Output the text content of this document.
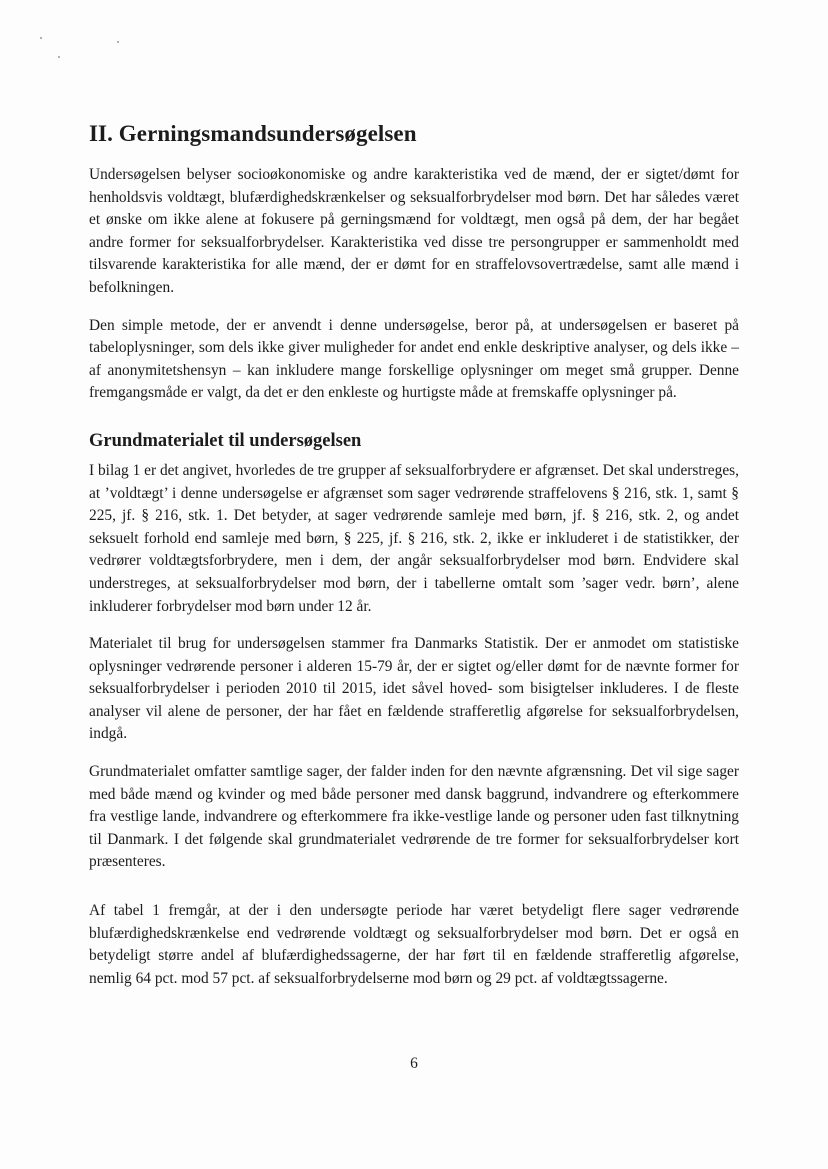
II. Gerningsmandsundersøgelsen

Undersøgelsen belyser socioøkonomiske og andre karakteristika ved de mænd, der er sigtet/dømt for henholdsvis voldtægt, blufærdighedskrænkelser og seksualforbrydelser mod børn. Det har således været et ønske om ikke alene at fokusere på gerningsmænd for voldtægt, men også på dem, der har begået andre former for seksualforbrydelser. Karakteristika ved disse tre persongrupper er sammenholdt med tilsvarende karakteristika for alle mænd, der er dømt for en straffelovsovertrædelse, samt alle mænd i befolkningen.

Den simple metode, der er anvendt i denne undersøgelse, beror på, at undersøgelsen er baseret på tabeloplysninger, som dels ikke giver muligheder for andet end enkle deskriptive analyser, og dels ikke – af anonymitetshensyn – kan inkludere mange forskellige oplysninger om meget små grupper. Denne fremgangsmåde er valgt, da det er den enkleste og hurtigste måde at fremskaffe oplysninger på.

Grundmaterialet til undersøgelsen

I bilag 1 er det angivet, hvorledes de tre grupper af seksualforbrydere er afgrænset. Det skal understreges, at ’voldtægt’ i denne undersøgelse er afgrænset som sager vedrørende straffelovens § 216, stk. 1, samt § 225, jf. § 216, stk. 1. Det betyder, at sager vedrørende samleje med børn, jf. § 216, stk. 2, og andet seksuelt forhold end samleje med børn, § 225, jf. § 216, stk. 2, ikke er inkluderet i de statistikker, der vedrører voldtægtsforbrydere, men i dem, der angår seksualforbrydelser mod børn. Endvidere skal understreges, at seksualforbrydelser mod børn, der i tabellerne omtalt som ’sager vedr. børn’, alene inkluderer forbrydelser mod børn under 12 år.

Materialet til brug for undersøgelsen stammer fra Danmarks Statistik. Der er anmodet om statistiske oplysninger vedrørende personer i alderen 15-79 år, der er sigtet og/eller dømt for de nævnte former for seksualforbrydelser i perioden 2010 til 2015, idet såvel hoved- som bisigtelser inkluderes. I de fleste analyser vil alene de personer, der har fået en fældende strafferetlig afgørelse for seksualforbrydelsen, indgå.

Grundmaterialet omfatter samtlige sager, der falder inden for den nævnte afgrænsning. Det vil sige sager med både mænd og kvinder og med både personer med dansk baggrund, indvandrere og efterkommere fra vestlige lande, indvandrere og efterkommere fra ikke-vestlige lande og personer uden fast tilknytning til Danmark. I det følgende skal grundmaterialet vedrørende de tre former for seksualforbrydelser kort præsenteres.

Af tabel 1 fremgår, at der i den undersøgte periode har været betydeligt flere sager vedrørende blufærdighedskrænkelse end vedrørende voldtægt og seksualforbrydelser mod børn. Det er også en betydeligt større andel af blufærdighedssagerne, der har ført til en fældende strafferetlig afgørelse, nemlig 64 pct. mod 57 pct. af seksualforbrydelserne mod børn og 29 pct. af voldtægtssagerne.

6
